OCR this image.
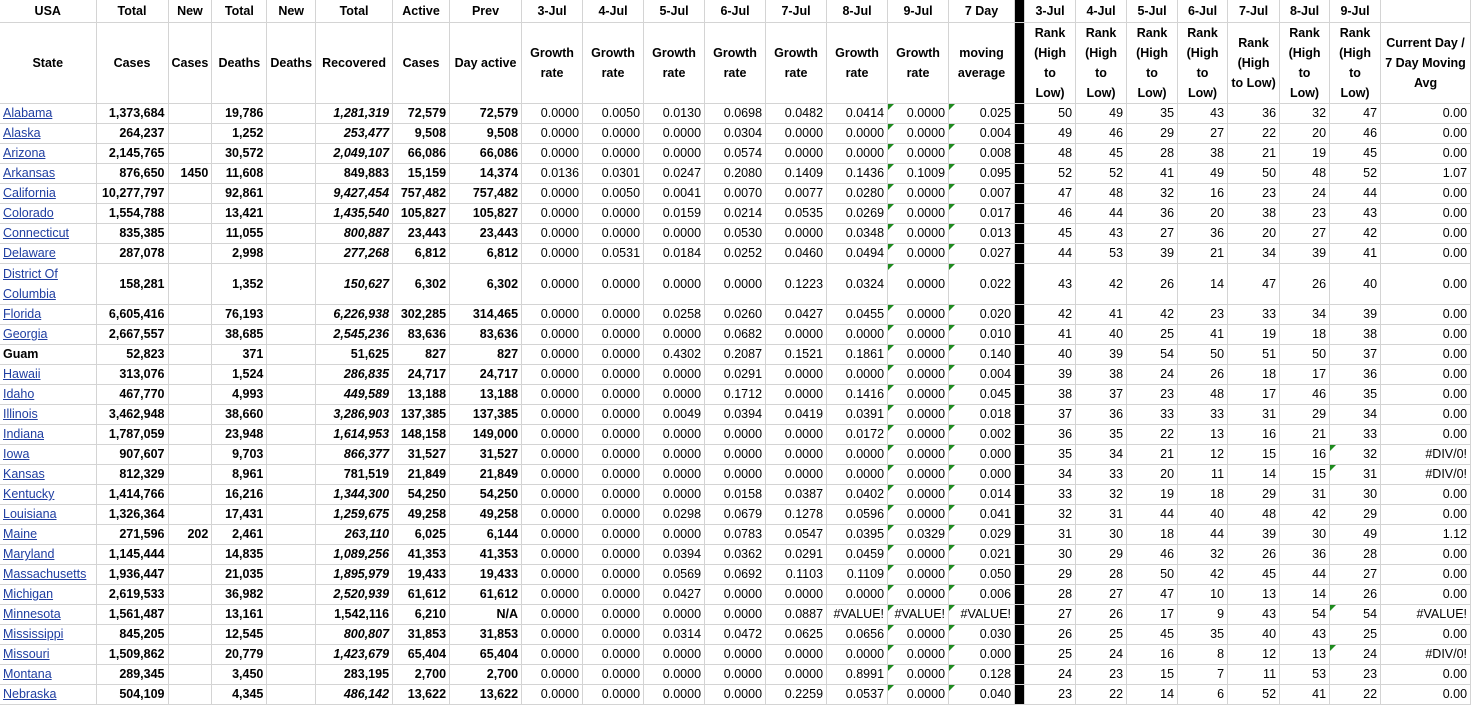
USA	Total	New	Total	New	Total	Active	Prev	3-Jul	4-Jul	5-Jul	6-Jul	7-Jul	8-Jul	9-Jul	7 Day		3-Jul	4-Jul	5-Jul	6-Jul	7-Jul	8-Jul	9-Jul	
State	Cases	Cases	Deaths	Deaths	Recovered	Cases	Day active	Growth rate	Growth rate	Growth rate	Growth rate	Growth rate	Growth rate	Growth rate	moving average		Rank (High to Low)	Rank (High to Low)	Rank (High to Low)	Rank (High to Low)	Rank (High to Low)	Rank (High to Low)	Rank (High to Low)	Current Day / 7 Day Moving Avg
Alabama	1,373,684		19,786		1,281,319	72,579	72,579	0.0000	0.0050	0.0130	0.0698	0.0482	0.0414	0.0000	0.025		50	49	35	43	36	32	47	0.00
Alaska	264,237		1,252		253,477	9,508	9,508	0.0000	0.0000	0.0000	0.0304	0.0000	0.0000	0.0000	0.004		49	46	29	27	22	20	46	0.00
Arizona	2,145,765		30,572		2,049,107	66,086	66,086	0.0000	0.0000	0.0000	0.0574	0.0000	0.0000	0.0000	0.008		48	45	28	38	21	19	45	0.00
Arkansas	876,650	1450	11,608		849,883	15,159	14,374	0.0136	0.0301	0.0247	0.2080	0.1409	0.1436	0.1009	0.095		52	52	41	49	50	48	52	1.07
California	10,277,797		92,861		9,427,454	757,482	757,482	0.0000	0.0050	0.0041	0.0070	0.0077	0.0280	0.0000	0.007		47	48	32	16	23	24	44	0.00
Colorado	1,554,788		13,421		1,435,540	105,827	105,827	0.0000	0.0000	0.0159	0.0214	0.0535	0.0269	0.0000	0.017		46	44	36	20	38	23	43	0.00
Connecticut	835,385		11,055		800,887	23,443	23,443	0.0000	0.0000	0.0000	0.0530	0.0000	0.0348	0.0000	0.013		45	43	27	36	20	27	42	0.00
Delaware	287,078		2,998		277,268	6,812	6,812	0.0000	0.0531	0.0184	0.0252	0.0460	0.0494	0.0000	0.027		44	53	39	21	34	39	41	0.00
District Of Columbia	158,281		1,352		150,627	6,302	6,302	0.0000	0.0000	0.0000	0.0000	0.1223	0.0324	0.0000	0.022		43	42	26	14	47	26	40	0.00
Florida	6,605,416		76,193		6,226,938	302,285	314,465	0.0000	0.0000	0.0258	0.0260	0.0427	0.0455	0.0000	0.020		42	41	42	23	33	34	39	0.00
Georgia	2,667,557		38,685		2,545,236	83,636	83,636	0.0000	0.0000	0.0000	0.0682	0.0000	0.0000	0.0000	0.010		41	40	25	41	19	18	38	0.00
Guam	52,823		371		51,625	827	827	0.0000	0.0000	0.4302	0.2087	0.1521	0.1861	0.0000	0.140		40	39	54	50	51	50	37	0.00
Hawaii	313,076		1,524		286,835	24,717	24,717	0.0000	0.0000	0.0000	0.0291	0.0000	0.0000	0.0000	0.004		39	38	24	26	18	17	36	0.00
Idaho	467,770		4,993		449,589	13,188	13,188	0.0000	0.0000	0.0000	0.1712	0.0000	0.1416	0.0000	0.045		38	37	23	48	17	46	35	0.00
Illinois	3,462,948		38,660		3,286,903	137,385	137,385	0.0000	0.0000	0.0049	0.0394	0.0419	0.0391	0.0000	0.018		37	36	33	33	31	29	34	0.00
Indiana	1,787,059		23,948		1,614,953	148,158	149,000	0.0000	0.0000	0.0000	0.0000	0.0000	0.0172	0.0000	0.002		36	35	22	13	16	21	33	0.00
Iowa	907,607		9,703		866,377	31,527	31,527	0.0000	0.0000	0.0000	0.0000	0.0000	0.0000	0.0000	0.000		35	34	21	12	15	16	32	#DIV/0!
Kansas	812,329		8,961		781,519	21,849	21,849	0.0000	0.0000	0.0000	0.0000	0.0000	0.0000	0.0000	0.000		34	33	20	11	14	15	31	#DIV/0!
Kentucky	1,414,766		16,216		1,344,300	54,250	54,250	0.0000	0.0000	0.0000	0.0158	0.0387	0.0402	0.0000	0.014		33	32	19	18	29	31	30	0.00
Louisiana	1,326,364		17,431		1,259,675	49,258	49,258	0.0000	0.0000	0.0298	0.0679	0.1278	0.0596	0.0000	0.041		32	31	44	40	48	42	29	0.00
Maine	271,596	202	2,461		263,110	6,025	6,144	0.0000	0.0000	0.0000	0.0783	0.0547	0.0395	0.0329	0.029		31	30	18	44	39	30	49	1.12
Maryland	1,145,444		14,835		1,089,256	41,353	41,353	0.0000	0.0000	0.0394	0.0362	0.0291	0.0459	0.0000	0.021		30	29	46	32	26	36	28	0.00
Massachusetts	1,936,447		21,035		1,895,979	19,433	19,433	0.0000	0.0000	0.0569	0.0692	0.1103	0.1109	0.0000	0.050		29	28	50	42	45	44	27	0.00
Michigan	2,619,533		36,982		2,520,939	61,612	61,612	0.0000	0.0000	0.0427	0.0000	0.0000	0.0000	0.0000	0.006		28	27	47	10	13	14	26	0.00
Minnesota	1,561,487		13,161		1,542,116	6,210	N/A	0.0000	0.0000	0.0000	0.0000	0.0887	#VALUE!	#VALUE!	#VALUE!		27	26	17	9	43	54	54	#VALUE!
Mississippi	845,205		12,545		800,807	31,853	31,853	0.0000	0.0000	0.0314	0.0472	0.0625	0.0656	0.0000	0.030		26	25	45	35	40	43	25	0.00
Missouri	1,509,862		20,779		1,423,679	65,404	65,404	0.0000	0.0000	0.0000	0.0000	0.0000	0.0000	0.0000	0.000		25	24	16	8	12	13	24	#DIV/0!
Montana	289,345		3,450		283,195	2,700	2,700	0.0000	0.0000	0.0000	0.0000	0.0000	0.8991	0.0000	0.128		24	23	15	7	11	53	23	0.00
Nebraska	504,109		4,345		486,142	13,622	13,622	0.0000	0.0000	0.0000	0.0000	0.2259	0.0537	0.0000	0.040		23	22	14	6	52	41	22	0.00
